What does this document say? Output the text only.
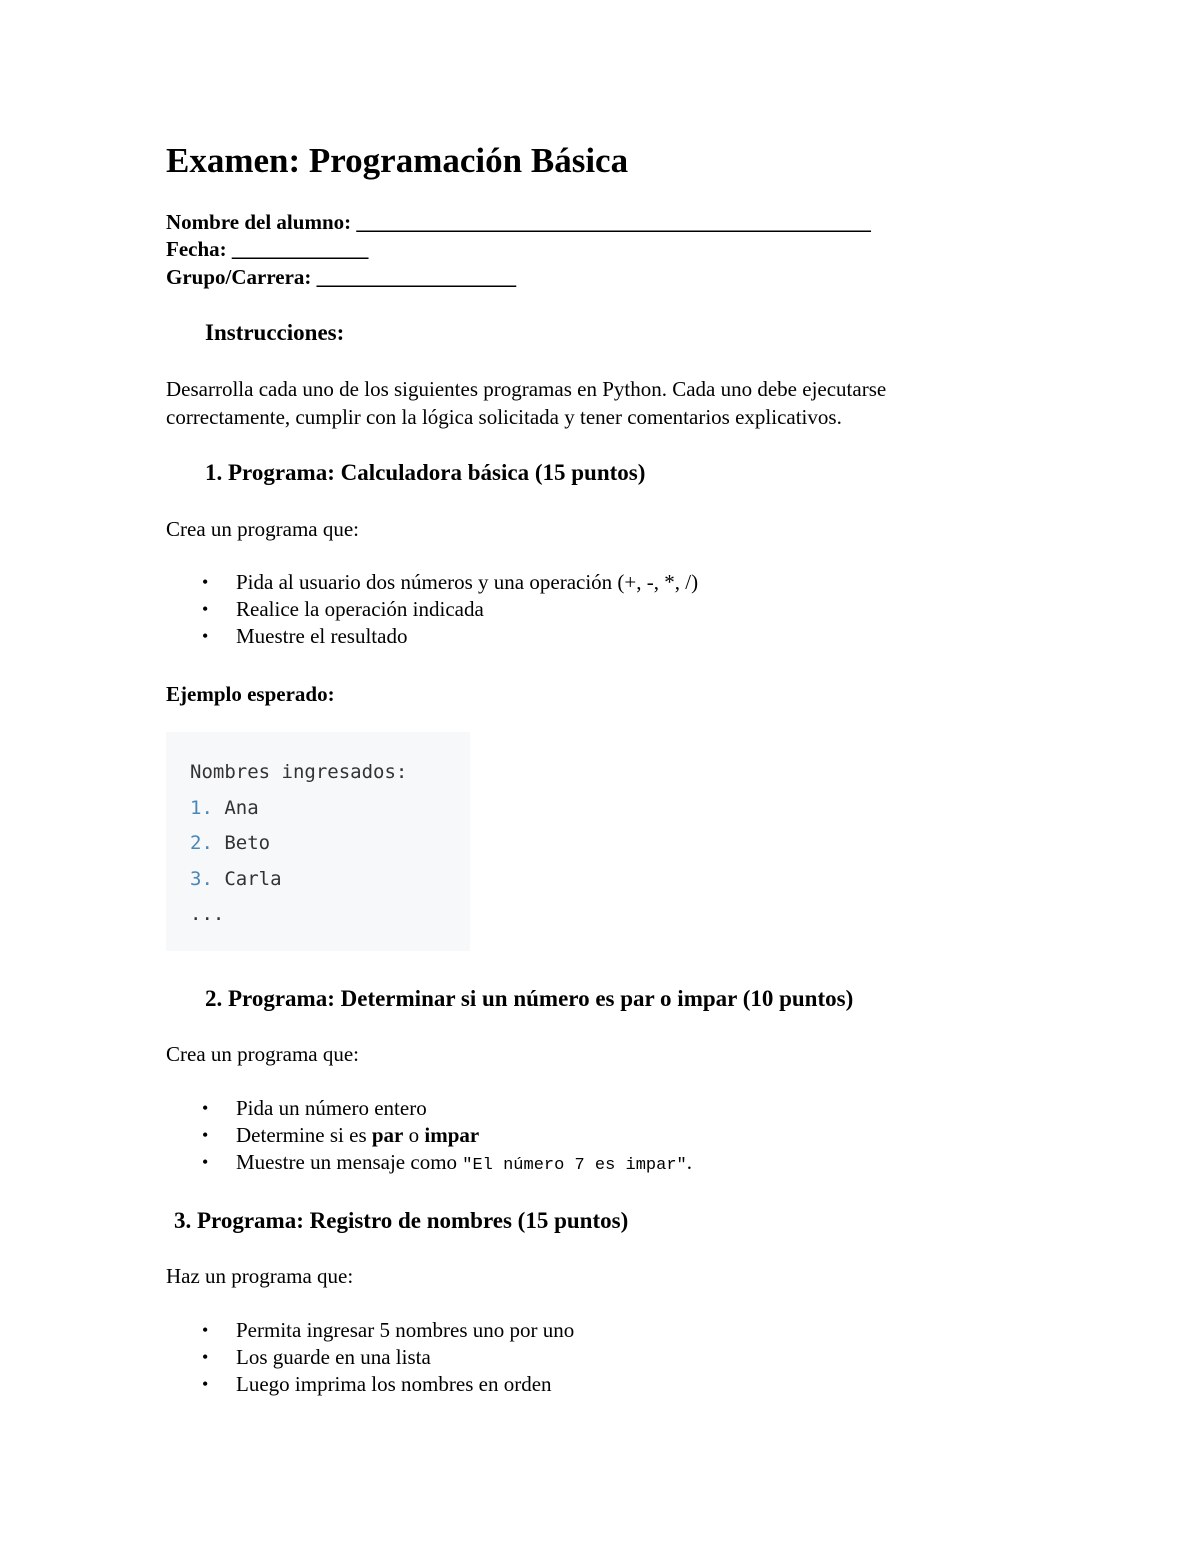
Examen: Programación Básica

Nombre del alumno: _________________________________________________

Fecha: _____________

Grupo/Carrera: ___________________

Instrucciones:

Desarrolla cada uno de los siguientes programas en Python. Cada uno debe ejecutarse

correctamente, cumplir con la lógica solicitada y tener comentarios explicativos.

1. Programa: Calculadora básica (15 puntos)

Crea un programa que:

• Pida al usuario dos números y una operación (+, -, *, /)
• Realice la operación indicada
• Muestre el resultado

Ejemplo esperado:

Nombres ingresados:
1. Ana
2. Beto
3. Carla
...
2. Programa: Determinar si un número es par o impar (10 puntos)

Crea un programa que:

• Pida un número entero
• Determine si es par o impar
• Muestre un mensaje como "El número 7 es impar".
3. Programa: Registro de nombres (15 puntos)

Haz un programa que:

• Permita ingresar 5 nombres uno por uno
• Los guarde en una lista
• Luego imprima los nombres en orden
